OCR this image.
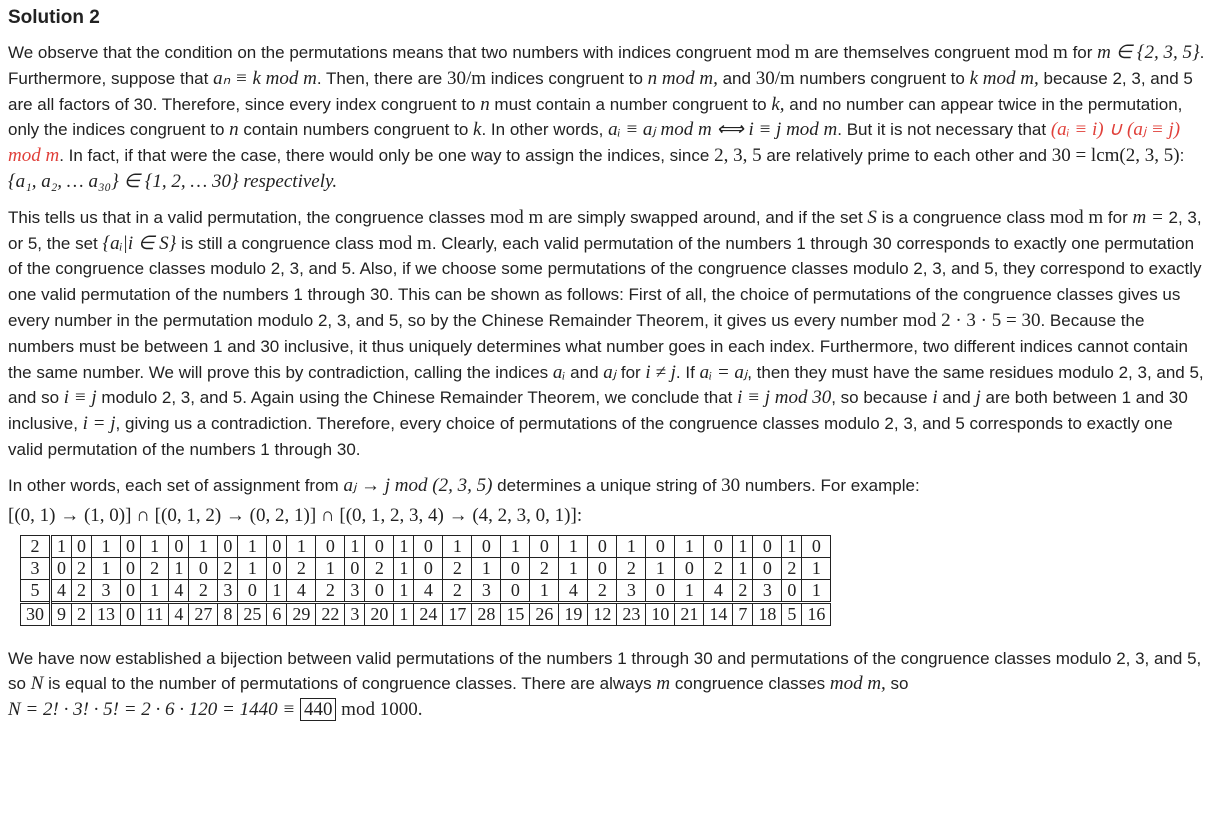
Solution 2

We observe that the condition on the permutations means that two numbers with indices congruent mod m are themselves congruent mod m for m ∈ {2, 3, 5}. Furthermore, suppose that aₙ ≡ k mod m. Then, there are 30/m indices congruent to n mod m, and 30/m numbers congruent to k mod m, because 2, 3, and 5 are all factors of 30. Therefore, since every index congruent to n must contain a number congruent to k, and no number can appear twice in the permutation, only the indices congruent to n contain numbers congruent to k. In other words, aᵢ ≡ aⱼ mod m ⟺ i ≡ j mod m. But it is not necessary that (aᵢ ≡ i) ∪ (aⱼ ≡ j) mod m. In fact, if that were the case, there would only be one way to assign the indices, since 2, 3, 5 are relatively prime to each other and 30 = lcm(2, 3, 5):
{a₁, a₂, … a₃₀} ∈ {1, 2, … 30} respectively.

This tells us that in a valid permutation, the congruence classes mod m are simply swapped around, and if the set S is a congruence class mod m for m = 2, 3, or 5, the set {aᵢ|i ∈ S} is still a congruence class mod m. Clearly, each valid permutation of the numbers 1 through 30 corresponds to exactly one permutation of the congruence classes modulo 2, 3, and 5. Also, if we choose some permutations of the congruence classes modulo 2, 3, and 5, they correspond to exactly one valid permutation of the numbers 1 through 30. This can be shown as follows: First of all, the choice of permutations of the congruence classes gives us every number in the permutation modulo 2, 3, and 5, so by the Chinese Remainder Theorem, it gives us every number mod 2 · 3 · 5 = 30. Because the numbers must be between 1 and 30 inclusive, it thus uniquely determines what number goes in each index. Furthermore, two different indices cannot contain the same number. We will prove this by contradiction, calling the indices aᵢ and aⱼ for i ≠ j. If aᵢ = aⱼ, then they must have the same residues modulo 2, 3, and 5, and so i ≡ j modulo 2, 3, and 5. Again using the Chinese Remainder Theorem, we conclude that i ≡ j mod 30, so because i and j are both between 1 and 30 inclusive, i = j, giving us a contradiction. Therefore, every choice of permutations of the congruence classes modulo 2, 3, and 5 corresponds to exactly one valid permutation of the numbers 1 through 30.

In other words, each set of assignment from aⱼ → j mod (2, 3, 5) determines a unique string of 30 numbers. For example:

[(0, 1) → (1, 0)] ∩ [(0, 1, 2) → (0, 2, 1)] ∩ [(0, 1, 2, 3, 4) → (4, 2, 3, 0, 1)]:
2	1	0	1	0	1	0	1	0	1	0	1	0	1	0	1	0	1	0	1	0	1	0	1	0	1	0	1	0	1	0
3	0	2	1	0	2	1	0	2	1	0	2	1	0	2	1	0	2	1	0	2	1	0	2	1	0	2	1	0	2	1
5	4	2	3	0	1	4	2	3	0	1	4	2	3	0	1	4	2	3	0	1	4	2	3	0	1	4	2	3	0	1
30	9	2	13	0	11	4	27	8	25	6	29	22	3	20	1	24	17	28	15	26	19	12	23	10	21	14	7	18	5	16

We have now established a bijection between valid permutations of the numbers 1 through 30 and permutations of the congruence classes modulo 2, 3, and 5, so N is equal to the number of permutations of congruence classes. There are always m congruence classes mod m, so
N = 2! · 3! · 5! = 2 · 6 · 120 = 1440 ≡ 440 mod 1000.
